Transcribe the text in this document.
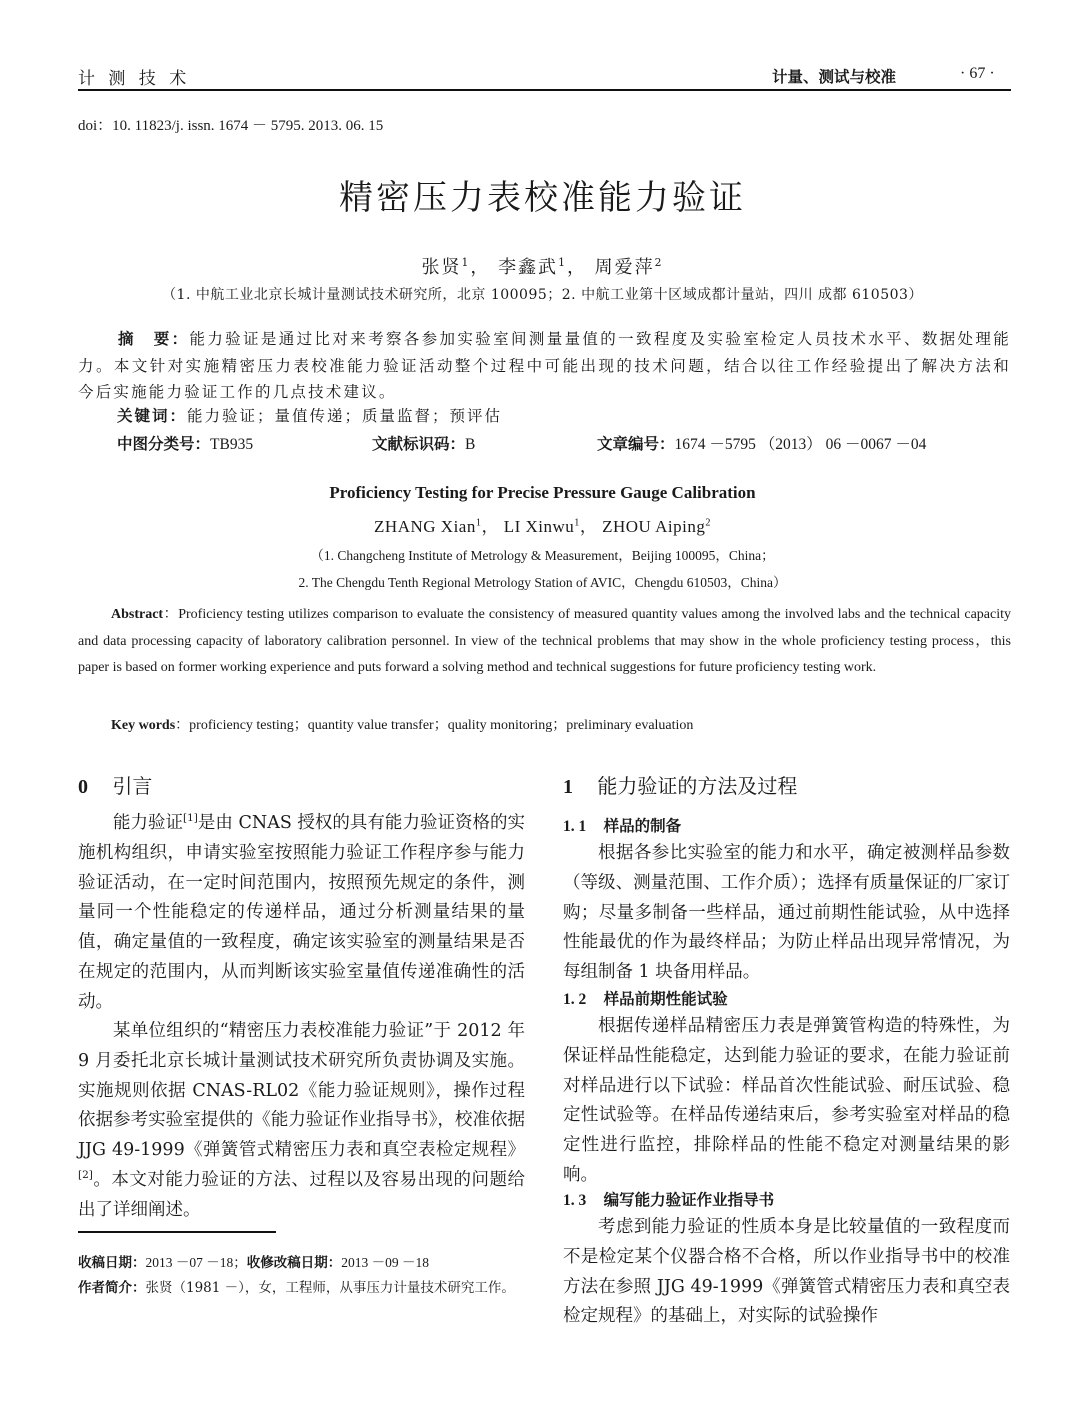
计 测 技 术	计量、测试与校准	· 67 ·
doi：10. 11823/j. issn. 1674 － 5795. 2013. 06. 15
精密压力表校准能力验证
张贤$^1$， 李鑫武$^1$， 周爱萍$^2$
（1. 中航工业北京长城计量测试技术研究所，北京 100095；2. 中航工业第十区域成都计量站，四川 成都 610503）
摘　要：能力验证是通过比对来考察各参加实验室间测量量值的一致程度及实验室检定人员技术水平、数据处理能力。本文针对实施精密压力表校准能力验证活动整个过程中可能出现的技术问题，结合以往工作经验提出了解决方法和今后实施能力验证工作的几点技术建议。
关键词：能力验证；量值传递；质量监督；预评估
中图分类号：TB935	文献标识码：B	文章编号：1674 －5795 （2013） 06 －0067 －04
Proficiency Testing for Precise Pressure Gauge Calibration
ZHANG Xian$^1$， LI Xinwu$^1$， ZHOU Aiping$^2$
（1. Changcheng Institute of Metrology & Measurement，Beijing 100095，China；
2. The Chengdu Tenth Regional Metrology Station of AVIC，Chengdu 610503，China）
Abstract：Proficiency testing utilizes comparison to evaluate the consistency of measured quantity values among the involved labs and the technical capacity and data processing capacity of laboratory calibration personnel. In view of the technical problems that may show in the whole proficiency testing process，this paper is based on former working experience and puts forward a solving method and technical suggestions for future proficiency testing work.
Key words：proficiency testing；quantity value transfer；quality monitoring；preliminary evaluation
0 引言
能力验证[1]是由 CNAS 授权的具有能力验证资格的实施机构组织，申请实验室按照能力验证工作程序参与能力验证活动，在一定时间范围内，按照预先规定的条件，测量同一个性能稳定的传递样品，通过分析测量结果的量值，确定量值的一致程度，确定该实验室的测量结果是否在规定的范围内，从而判断该实验室量值传递准确性的活动。
某单位组织的“精密压力表校准能力验证”于 2012 年 9 月委托北京长城计量测试技术研究所负责协调及实施。实施规则依据 CNAS-RL02《能力验证规则》，操作过程依据参考实验室提供的《能力验证作业指导书》，校准依据 JJG 49-1999《弹簧管式精密压力表和真空表检定规程》[2]。本文对能力验证的方法、过程以及容易出现的问题给出了详细阐述。
收稿日期：2013 －07 －18；收修改稿日期：2013 －09 －18
作者简介：张贤（1981 －），女，工程师，从事压力计量技术研究工作。
1 能力验证的方法及过程
1. 1 样品的制备
根据各参比实验室的能力和水平，确定被测样品参数（等级、测量范围、工作介质）；选择有质量保证的厂家订购；尽量多制备一些样品，通过前期性能试验，从中选择性能最优的作为最终样品；为防止样品出现异常情况，为每组制备 1 块备用样品。
1. 2 样品前期性能试验
根据传递样品精密压力表是弹簧管构造的特殊性，为保证样品性能稳定，达到能力验证的要求，在能力验证前对样品进行以下试验：样品首次性能试验、耐压试验、稳定性试验等。在样品传递结束后，参考实验室对样品的稳定性进行监控，排除样品的性能不稳定对测量结果的影响。
1. 3 编写能力验证作业指导书
考虑到能力验证的性质本身是比较量值的一致程度而不是检定某个仪器合格不合格，所以作业指导书中的校准方法在参照 JJG 49-1999《弹簧管式精密压力表和真空表检定规程》的基础上，对实际的试验操作
